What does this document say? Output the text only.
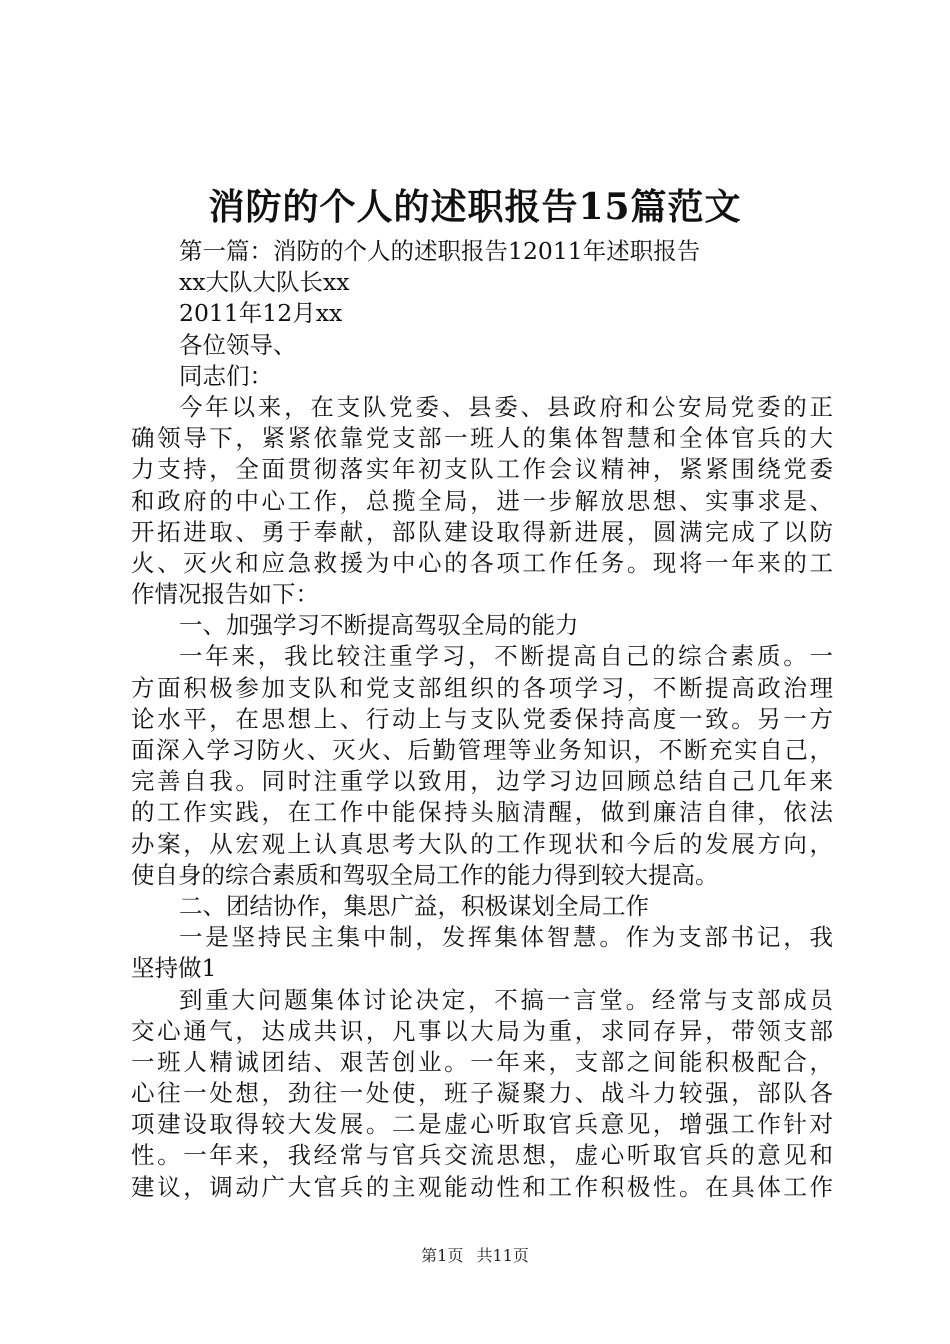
消防的个人的述职报告15篇范文
第一篇：消防的个人的述职报告12011年述职报告
xx大队大队长xx
2011年12月xx
各位领导、
同志们：
今年以来，在支队党委、县委、县政府和公安局党委的正
确领导下，紧紧依靠党支部一班人的集体智慧和全体官兵的大
力支持，全面贯彻落实年初支队工作会议精神，紧紧围绕党委
和政府的中心工作，总揽全局，进一步解放思想、实事求是、
开拓进取、勇于奉献，部队建设取得新进展，圆满完成了以防
火、灭火和应急救援为中心的各项工作任务。现将一年来的工
作情况报告如下：
一、加强学习不断提高驾驭全局的能力
一年来，我比较注重学习，不断提高自己的综合素质。一
方面积极参加支队和党支部组织的各项学习，不断提高政治理
论水平，在思想上、行动上与支队党委保持高度一致。另一方
面深入学习防火、灭火、后勤管理等业务知识，不断充实自己，
完善自我。同时注重学以致用，边学习边回顾总结自己几年来
的工作实践，在工作中能保持头脑清醒，做到廉洁自律，依法
办案，从宏观上认真思考大队的工作现状和今后的发展方向，
使自身的综合素质和驾驭全局工作的能力得到较大提高。
二、团结协作，集思广益，积极谋划全局工作
一是坚持民主集中制，发挥集体智慧。作为支部书记，我
坚持做1
到重大问题集体讨论决定，不搞一言堂。经常与支部成员
交心通气，达成共识，凡事以大局为重，求同存异，带领支部
一班人精诚团结、艰苦创业。一年来，支部之间能积极配合，
心往一处想，劲往一处使，班子凝聚力、战斗力较强，部队各
项建设取得较大发展。二是虚心听取官兵意见，增强工作针对
性。一年来，我经常与官兵交流思想，虚心听取官兵的意见和
建议，调动广大官兵的主观能动性和工作积极性。在具体工作
第1页 共11页
